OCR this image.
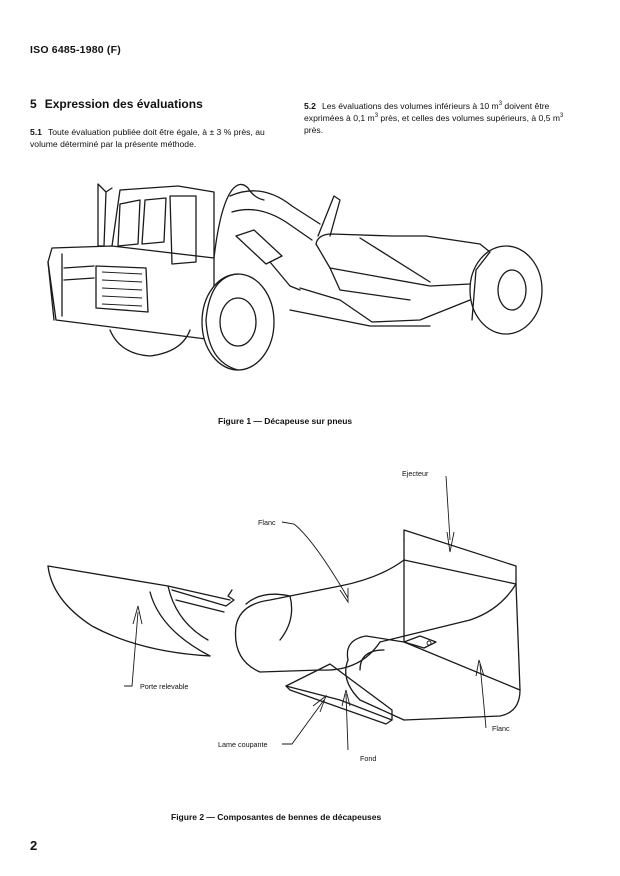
ISO 6485-1980 (F)
5 Expression des évaluations
5.1 Toute évaluation publiée doit être égale, à ± 3 % près, au volume déterminé par la présente méthode.
5.2 Les évaluations des volumes inférieurs à 10 $m^3$ doivent être exprimées à 0,1 $m^3$ près, et celles des volumes supérieurs, à 0,5 $m^3$ près.
Figure 1 — Décapeuse sur pneus
Ejecteur
Flanc
Porte relevable
Lame coupante
Fond
Flanc
Figure 2 — Composantes de bennes de décapeuses
2
